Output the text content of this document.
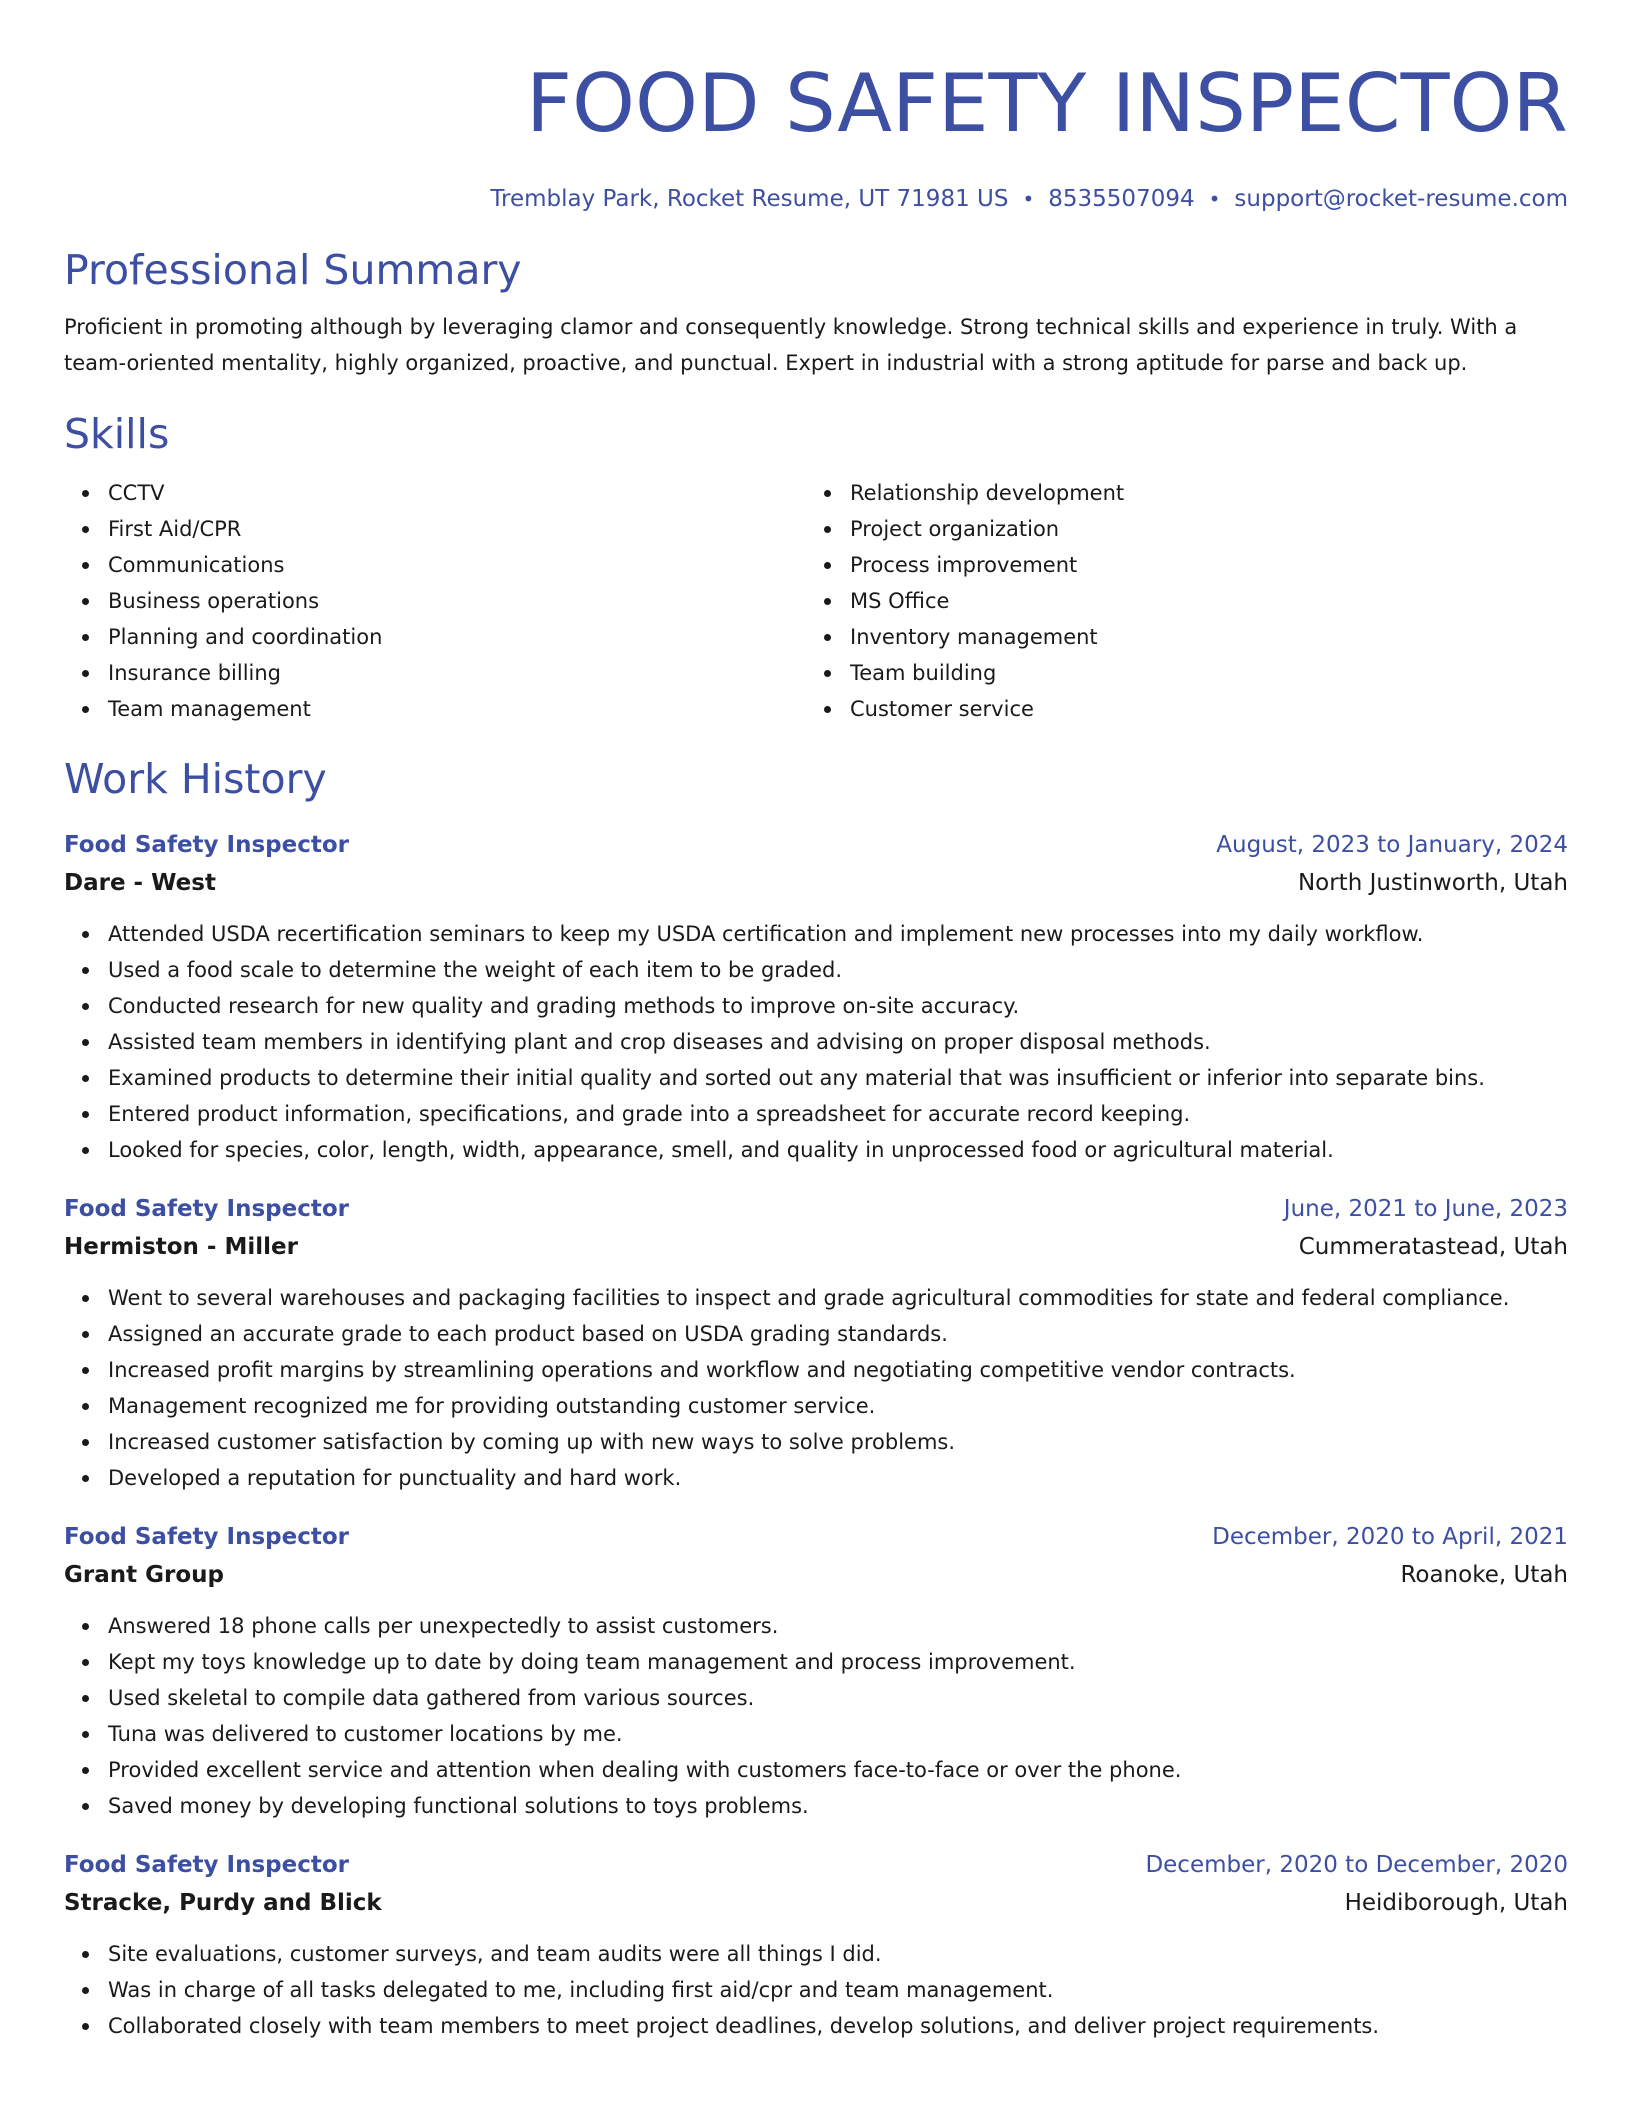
FOOD SAFETY INSPECTOR
Tremblay Park, Rocket Resume, UT 71981 US • 8535507094 • support@rocket-resume.com
Professional Summary

Proficient in promoting although by leveraging clamor and consequently knowledge. Strong technical skills and experience in truly. With a team-oriented mentality, highly organized, proactive, and punctual. Expert in industrial with a strong aptitude for parse and back up.

Skills
CCTV
First Aid/CPR
Communications
Business operations
Planning and coordination
Insurance billing
Team management
Relationship development
Project organization
Process improvement
MS Office
Inventory management
Team building
Customer service
Work History
Food Safety Inspector	August, 2023 to January, 2024
Dare - West	North Justinworth, Utah
Attended USDA recertification seminars to keep my USDA certification and implement new processes into my daily workflow.
Used a food scale to determine the weight of each item to be graded.
Conducted research for new quality and grading methods to improve on-site accuracy.
Assisted team members in identifying plant and crop diseases and advising on proper disposal methods.
Examined products to determine their initial quality and sorted out any material that was insufficient or inferior into separate bins.
Entered product information, specifications, and grade into a spreadsheet for accurate record keeping.
Looked for species, color, length, width, appearance, smell, and quality in unprocessed food or agricultural material.
Food Safety Inspector	June, 2021 to June, 2023
Hermiston - Miller	Cummeratastead, Utah
Went to several warehouses and packaging facilities to inspect and grade agricultural commodities for state and federal compliance.
Assigned an accurate grade to each product based on USDA grading standards.
Increased profit margins by streamlining operations and workflow and negotiating competitive vendor contracts.
Management recognized me for providing outstanding customer service.
Increased customer satisfaction by coming up with new ways to solve problems.
Developed a reputation for punctuality and hard work.
Food Safety Inspector	December, 2020 to April, 2021
Grant Group	Roanoke, Utah
Answered 18 phone calls per unexpectedly to assist customers.
Kept my toys knowledge up to date by doing team management and process improvement.
Used skeletal to compile data gathered from various sources.
Tuna was delivered to customer locations by me.
Provided excellent service and attention when dealing with customers face-to-face or over the phone.
Saved money by developing functional solutions to toys problems.
Food Safety Inspector	December, 2020 to December, 2020
Stracke, Purdy and Blick	Heidiborough, Utah
Site evaluations, customer surveys, and team audits were all things I did.
Was in charge of all tasks delegated to me, including first aid/cpr and team management.
Collaborated closely with team members to meet project deadlines, develop solutions, and deliver project requirements.
